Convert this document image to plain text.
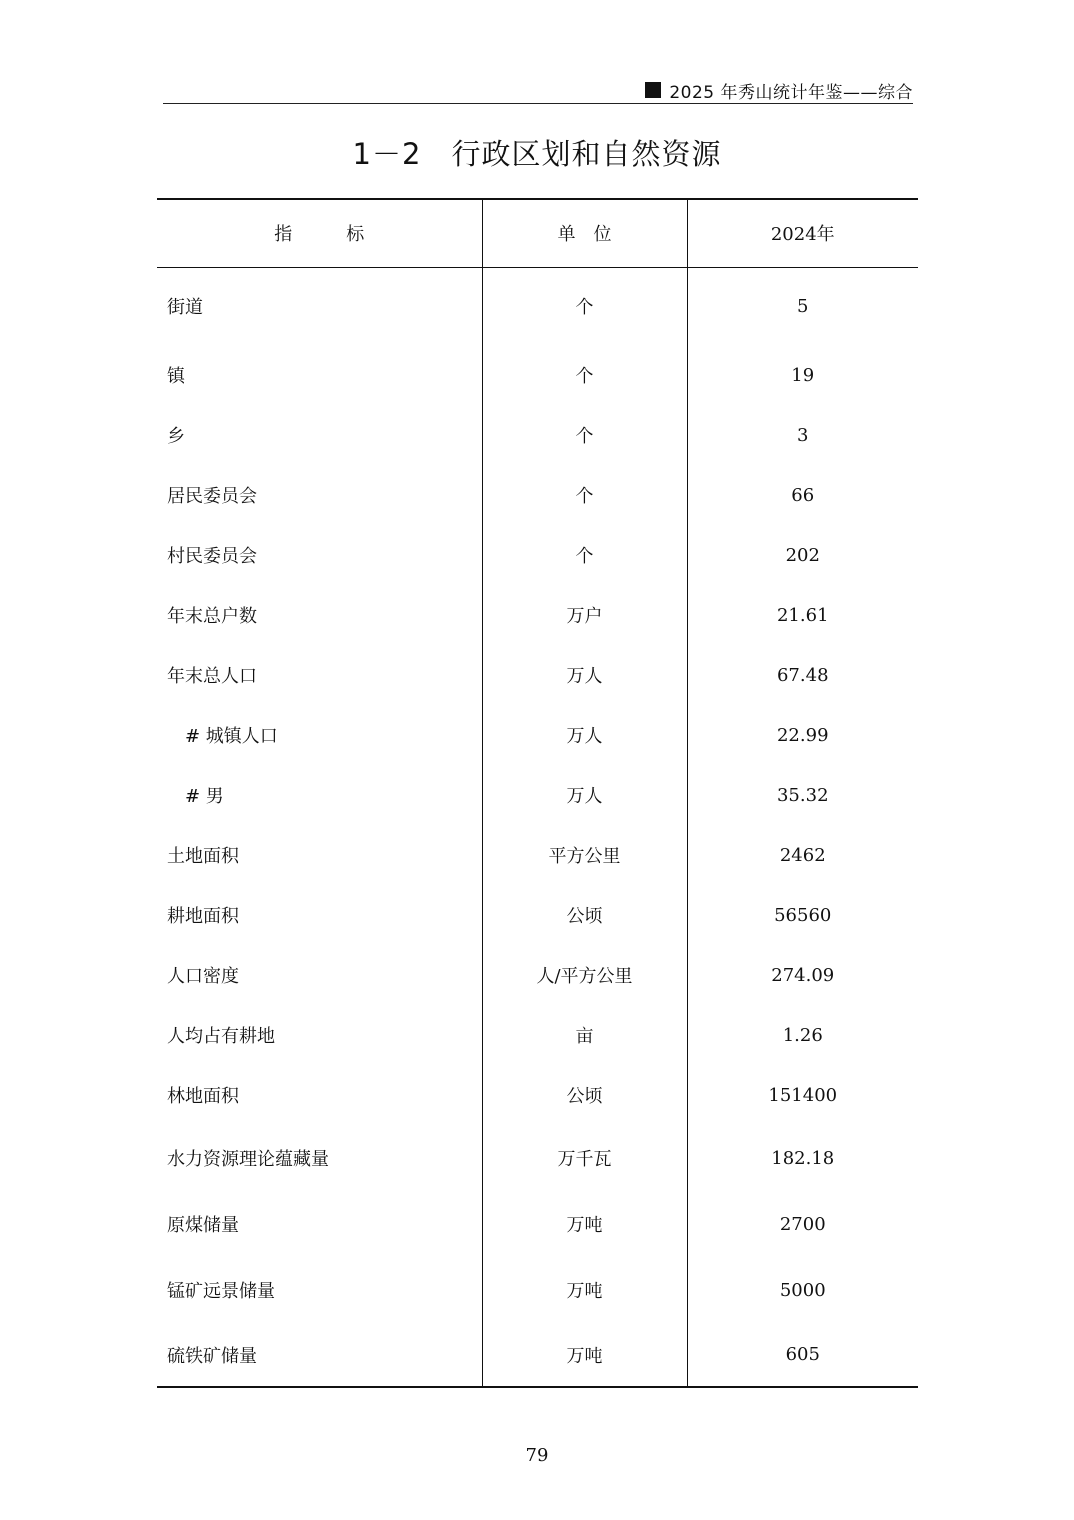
2025 年秀山统计年鉴——综合
1－2 行政区划和自然资源
指　　　标	单　位	2024年
街道	个	5
镇	个	19
乡	个	3
居民委员会	个	66
村民委员会	个	202
年末总户数	万户	21.61
年末总人口	万人	67.48
# 城镇人口	万人	22.99
# 男	万人	35.32
土地面积	平方公里	2462
耕地面积	公顷	56560
人口密度	人/平方公里	274.09
人均占有耕地	亩	1.26
林地面积	公顷	151400
水力资源理论蕴藏量	万千瓦	182.18
原煤储量	万吨	2700
锰矿远景储量	万吨	5000
硫铁矿储量	万吨	605
79
